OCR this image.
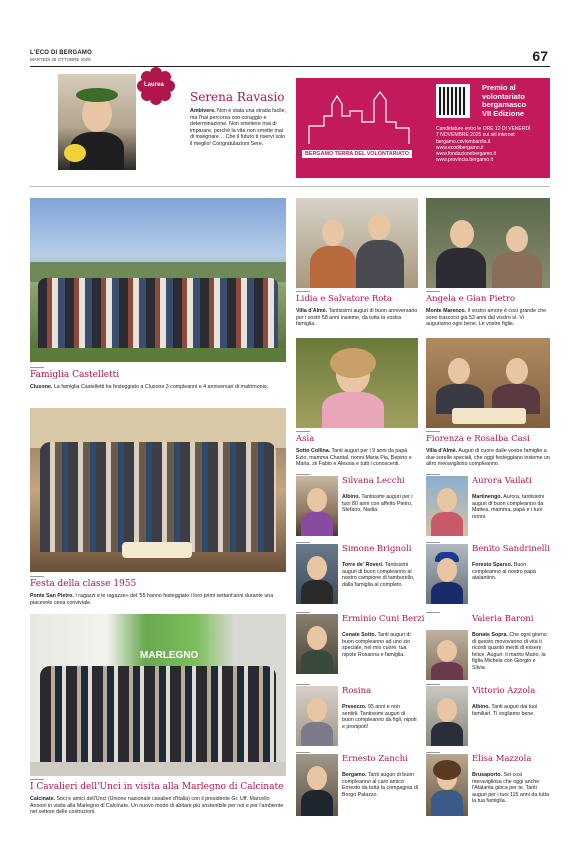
L'ECO DI BERGAMO
MARTEDÌ 28 OTTOBRE 2025	67
Laurea
Serena Ravasio
Ambivere. Non è stata una strada facile, ma l'hai percorsa con coraggio e determinazione. Non smettere mai di imparare, perché la vita non smette mai di insegnare… Che il futuro ti riservi solo il meglio! Congratulazioni Sere.
BERGAMO TERRA DEL VOLONTARIATO
Premio al
volontariato
bergamasco
VII Edizione
Candidature entro le ORE 12 DI VENERDÌ
7 NOVEMBRE 2025 sui siti internet
bergamo.csvlombardia.it
www.ecodibergamo.it
www.fondazionebergamo.it
www.provincia.bergamo.it
Famiglia Castelletti
Clusone. La famiglia Castelletti ha festeggiato a Clusone 3 compleanni e 4 anniversari di matrimonio.
Festa della classe 1955
Ponte San Pietro. I ragazzi e le ragazze» del '55 hanno festeggiato i loro primi settant'anni durante una piacevole cena conviviale.
MARLEGNO
I Cavalieri dell'Unci in visita alla Marlegno di Calcinate
Calcinate. Soci e amici dell'Unci (Unione nazionale cavalieri d'Italia) con il presidente Gr. Uff. Marcello Annoni in visita alla Marlegno di Calcinate. Un nuovo modo di abitare più sostenibile per noi e per l'ambiente nel settore delle costruzioni.
Lidia e Salvatore Rota
Villa d'Almè. Tantissimi auguri di buon anniversario per i vostri 58 anni insieme, da tutta la vostra famiglia.
Angela e Gian Pietro
Monte Marenzo. Il vostro amore è così grande che sono trascorsi già 53 anni dal vostro sì. Vi auguriamo ogni bene. Le vostre figlie.
Asia
Sotto Collina. Tanti auguri per i 9 anni da papà Ezio, mamma Chantal, nonni Maria Pia, Bepino e Maria, zii Fabio e Alessia e tutti i conoscenti.
Fiorenza e Rosalba Casi
Villa d'Almè. Auguri di cuore dalle vostre famiglie a due sorelle speciali, che oggi festeggiano insieme un altro meraviglioso compleanno.
Silvana Lecchi
Albino. Tantissimi auguri per i tuoi 80 anni con affetto Pietro, Stefano, Nadia.
Aurora Vailati
Martinengo. Aurora, tantissimi auguri di buon compleanno da Mattea, mamma, papà e i tuoi nonni.
Simone Brignoli
Torre de' Roveri. Tantissimi auguri di buon compleanno al nostro campione di tamburello, dalla famiglia al completo.
Benito Sandrinelli
Foresto Sparso. Buon compleanno al nostro papà atalantino.
Erminio Cuni Berzi
Cenate Sotto. Tanti auguri di buon compleanno ad uno zio speciale, nel mio cuore: tua nipote Rosanna e famiglia.
Valeria Baroni
Bonate Sopra. Che ogni giorno di questo movovanno di vita ti ricordi quanto meriti di essere felice. Auguri: il marito Mario, la figlia Michela con Giorgio e Silvia.
Rosina
Presezzo. 95 anni e non sentirli. Tantissimi auguri di buon compleanno da figli, nipoti e pronipoti!
Vittorio Azzola
Albino. Tanti auguri dai tuoi familiari. Ti vogliamo bene.
Ernesto Zanchi
Bergamo. Tanti auguri di buon compleanno al caro amico Ernesto da tutta la compagnia di Borgo Palazzo.
Elisa Mazzola
Brusaporto. Sei così meravigliosa che oggi anche l'Atalanta gioca per te. Tanti auguri per i tuoi 115 anni da tutta la tua famiglia.
